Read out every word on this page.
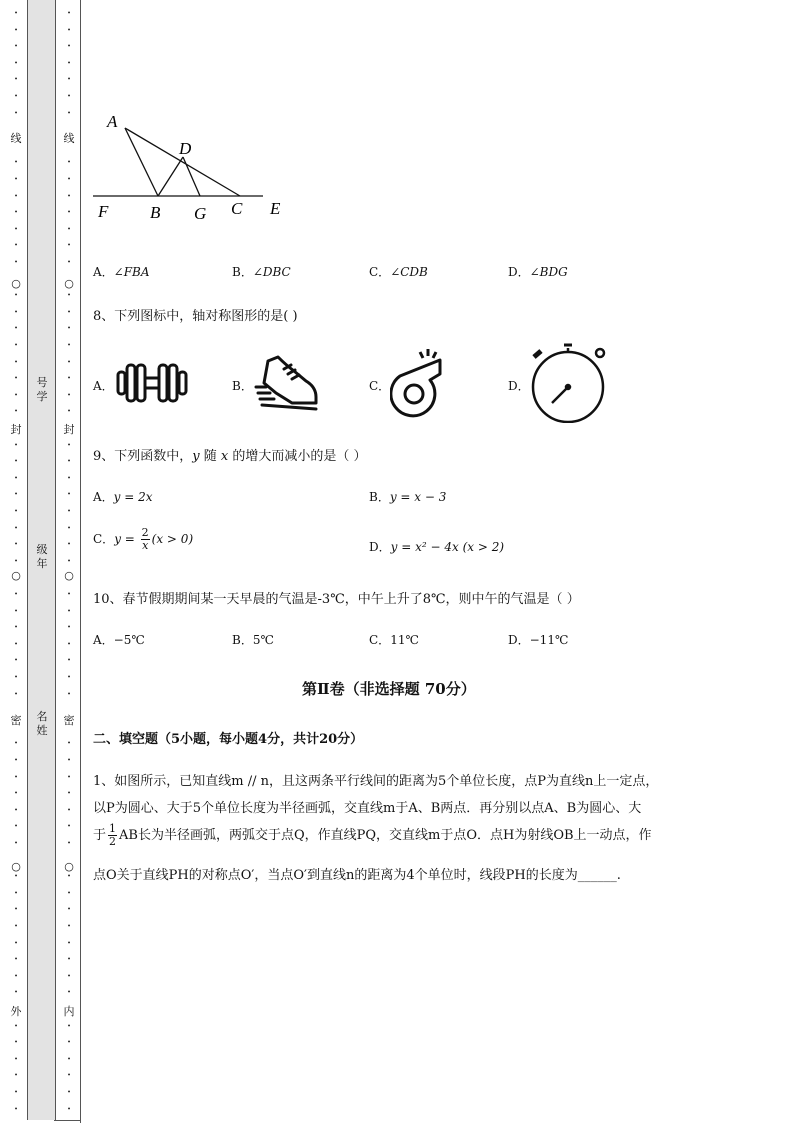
•
•
•
•
•
•
•
•
•
•
•
•
•
•
•
•
•
•
•
•
•
•
•
•
•
•
•
•
•
•
•
•
•
•
•
•
•
•
•
•
•
•
•
•
•
•
•
•
•
•
•
•
•
•
•
•
•
•
线
○
封
○
密
○
外
号学
级年
名姓
•
•
•
•
•
•
•
•
•
•
•
•
•
•
•
•
•
•
•
•
•
•
•
•
•
•
•
•
•
•
•
•
•
•
•
•
•
•
•
•
•
•
•
•
•
•
•
•
•
•
•
•
•
•
•
•
•
•
线
○
封
○
密
○
内
A
D
F B G C E
A．∠FBA	B．∠DBC	C．∠CDB	D．∠BDG
8、下列图标中，轴对称图形的是( )
A．	B．	C．	D．
9、下列函数中，y 随 x 的增大而减小的是（ ）
A．y = 2x	B．y = x − 3
C．$y = \frac{2}{x} (x > 0)$
D．y = x² − 4x (x > 2)
10、春节假期期间某一天早晨的气温是-3℃，中午上升了8℃，则中午的气温是（ ）
A．−5℃	B．5℃	C．11℃	D．−11℃
第Ⅱ卷（非选择题 70分）
二、填空题（5小题，每小题4分，共计20分）
1、如图所示，已知直线m // n，且这两条平行线间的距离为5个单位长度，点P为直线n上一定点，
以P为圆心、大于5个单位长度为半径画弧，交直线m于A、B两点．再分别以点A、B为圆心、大
于 $\frac{1}{2}$ AB长为半径画弧，两弧交于点Q，作直线PQ，交直线m于点O．点H为射线OB上一动点，作
点O关于直线PH的对称点O′，当点O′到直线n的距离为4个单位时，线段PH的长度为______.
